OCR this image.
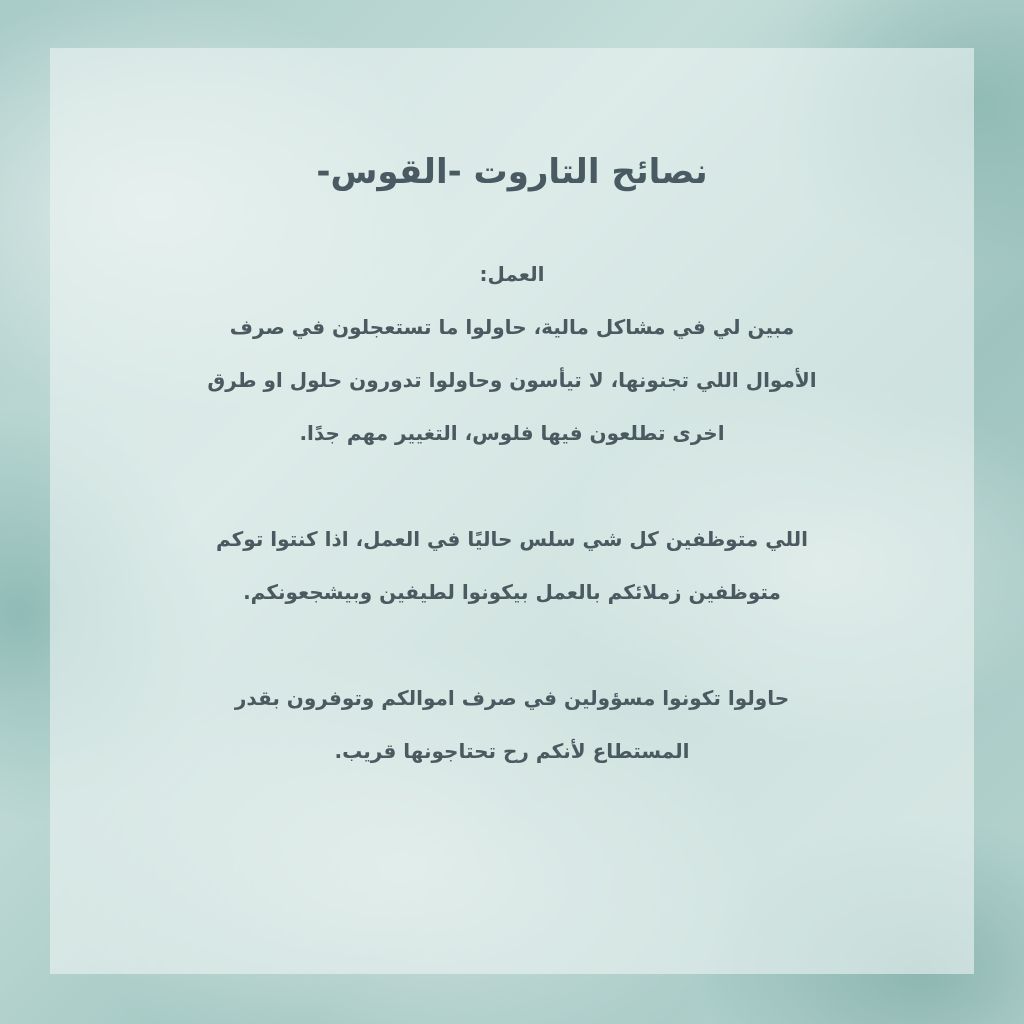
نصائح التاروت -القوس-

العمل:

مبين لي في مشاكل مالية، حاولوا ما تستعجلون في صرف
الأموال اللي تجنونها، لا تيأسون وحاولوا تدورون حلول او طرق
اخرى تطلعون فيها فلوس، التغيير مهم جدًا.

اللي متوظفين كل شي سلس حاليًا في العمل، اذا كنتوا توكم
متوظفين زملائكم بالعمل بيكونوا لطيفين وبيشجعونكم.

حاولوا تكونوا مسؤولين في صرف اموالكم وتوفرون بقدر
المستطاع لأنكم رح تحتاجونها قريب.
